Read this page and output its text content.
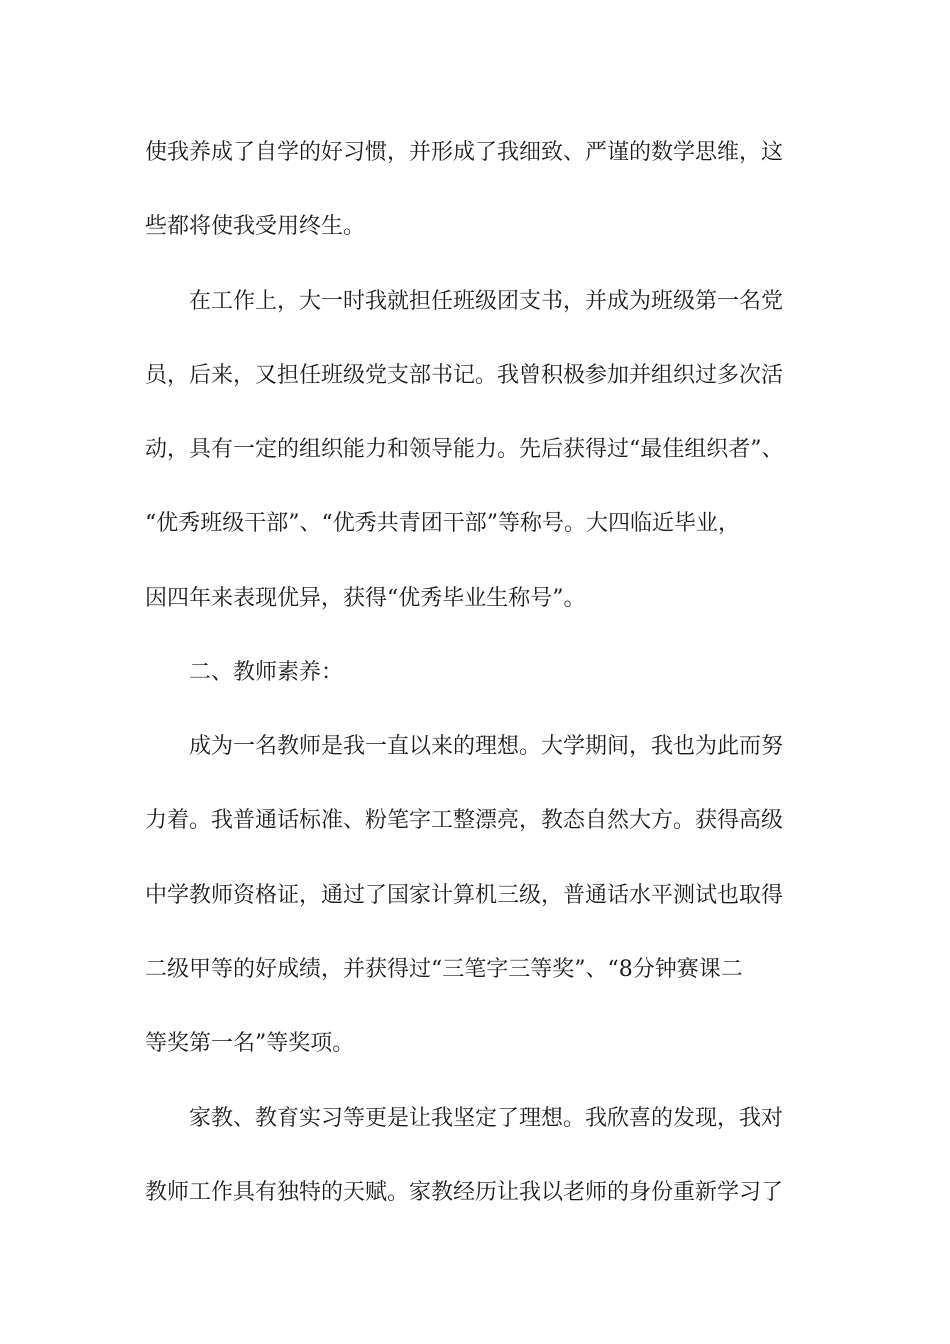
使我养成了自学的好习惯，并形成了我细致、严谨的数学思维，这

些都将使我受用终生。

在工作上，大一时我就担任班级团支书，并成为班级第一名党

员，后来，又担任班级党支部书记。我曾积极参加并组织过多次活

动，具有一定的组织能力和领导能力。先后获得过“最佳组织者”、

“优秀班级干部”、“优秀共青团干部”等称号。大四临近毕业，

因四年来表现优异，获得“优秀毕业生称号”。

二、教师素养：

成为一名教师是我一直以来的理想。大学期间，我也为此而努

力着。我普通话标准、粉笔字工整漂亮，教态自然大方。获得高级

中学教师资格证，通过了国家计算机三级，普通话水平测试也取得

二级甲等的好成绩，并获得过“三笔字三等奖”、“8分钟赛课二

等奖第一名”等奖项。

家教、教育实习等更是让我坚定了理想。我欣喜的发现，我对

教师工作具有独特的天赋。家教经历让我以老师的身份重新学习了
